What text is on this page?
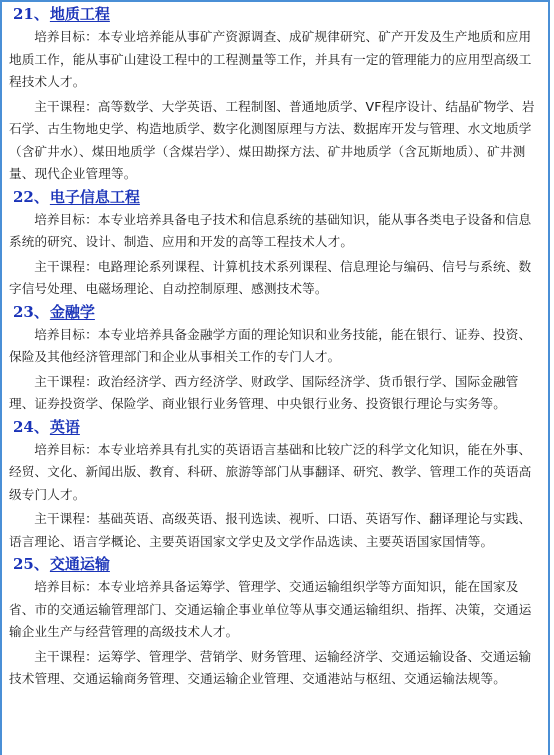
21、地质工程

培养目标：本专业培养能从事矿产资源调查、成矿规律研究、矿产开发及生产地质和应用地质工作，能从事矿山建设工程中的工程测量等工作，并具有一定的管理能力的应用型高级工程技术人才。

主干课程：高等数学、大学英语、工程制图、普通地质学、VF程序设计、结晶矿物学、岩石学、古生物地史学、构造地质学、数字化测图原理与方法、数据库开发与管理、水文地质学（含矿井水）、煤田地质学（含煤岩学）、煤田勘探方法、矿井地质学（含瓦斯地质）、矿井测量、现代企业管理等。

22、电子信息工程

培养目标：本专业培养具备电子技术和信息系统的基础知识，能从事各类电子设备和信息系统的研究、设计、制造、应用和开发的高等工程技术人才。

主干课程：电路理论系列课程、计算机技术系列课程、信息理论与编码、信号与系统、数字信号处理、电磁场理论、自动控制原理、感测技术等。

23、金融学

培养目标：本专业培养具备金融学方面的理论知识和业务技能，能在银行、证券、投资、保险及其他经济管理部门和企业从事相关工作的专门人才。

主干课程：政治经济学、西方经济学、财政学、国际经济学、货币银行学、国际金融管理、证券投资学、保险学、商业银行业务管理、中央银行业务、投资银行理论与实务等。

24、英语

培养目标：本专业培养具有扎实的英语语言基础和比较广泛的科学文化知识，能在外事、经贸、文化、新闻出版、教育、科研、旅游等部门从事翻译、研究、教学、管理工作的英语高级专门人才。

主干课程：基础英语、高级英语、报刊选读、视听、口语、英语写作、翻译理论与实践、语言理论、语言学概论、主要英语国家文学史及文学作品选读、主要英语国家国情等。

25、交通运输

培养目标：本专业培养具备运筹学、管理学、交通运输组织学等方面知识，能在国家及省、市的交通运输管理部门、交通运输企事业单位等从事交通运输组织、指挥、决策，交通运输企业生产与经营管理的高级技术人才。

主干课程：运筹学、管理学、营销学、财务管理、运输经济学、交通运输设备、交通运输技术管理、交通运输商务管理、交通运输企业管理、交通港站与枢纽、交通运输法规等。
